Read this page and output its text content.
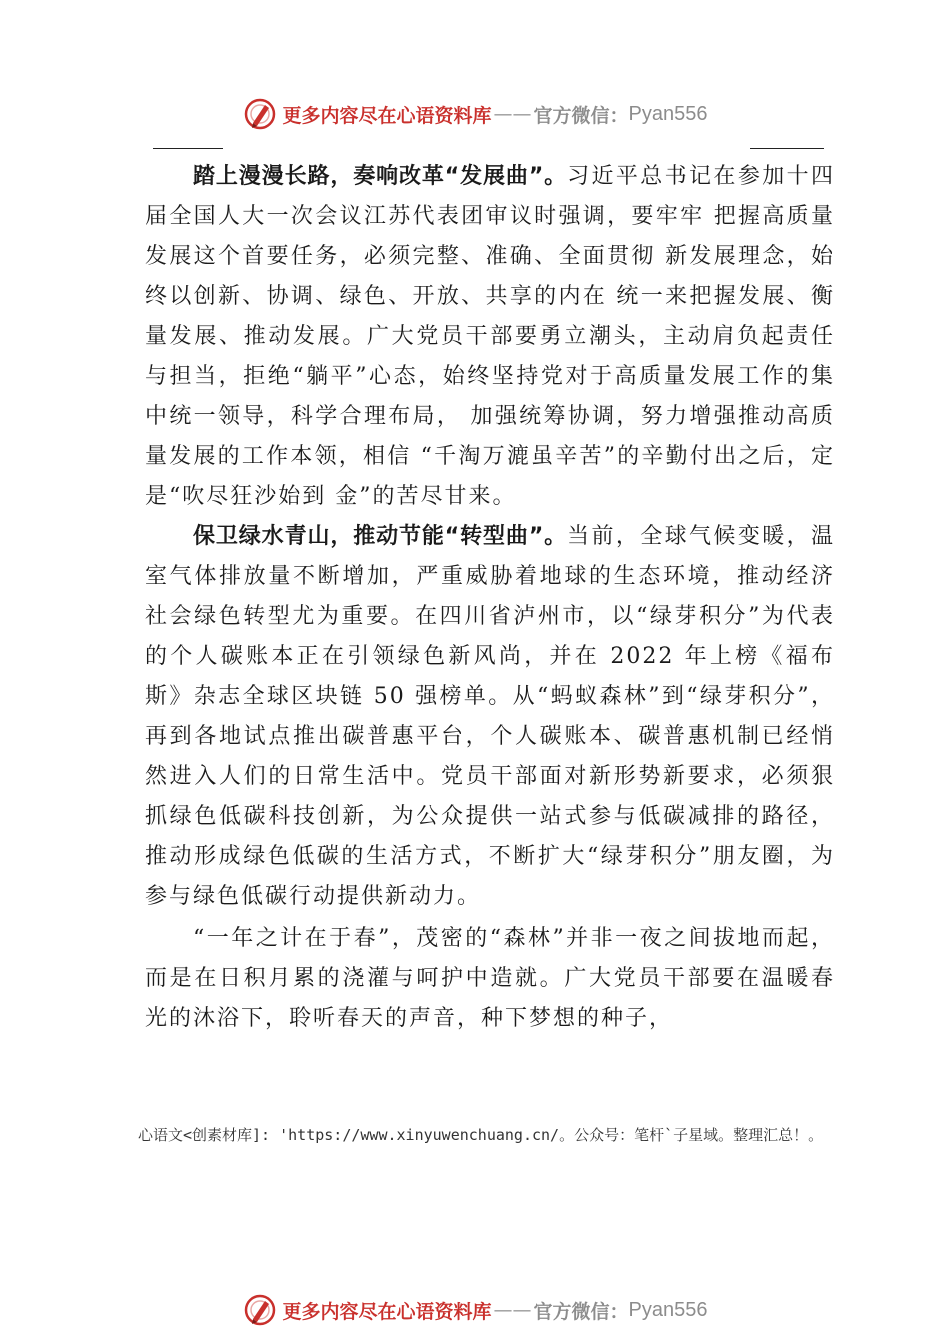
更多内容尽在心语资料库 —— 官方微信： Pyan556

踏上漫漫长路，奏响改革“发展曲”。习近平总书记在参加十四届全国人大一次会议江苏代表团审议时强调，要牢牢 把握高质量发展这个首要任务，必须完整、准确、全面贯彻 新发展理念，始终以创新、协调、绿色、开放、共享的内在 统一来把握发展、衡量发展、推动发展。广大党员干部要勇立潮头，主动肩负起责任与担当，拒绝“躺平”心态，始终坚持党对于高质量发展工作的集中统一领导，科学合理布局， 加强统筹协调，努力增强推动高质量发展的工作本领，相信 “千淘万漉虽辛苦”的辛勤付出之后，定是“吹尽狂沙始到 金”的苦尽甘来。

保卫绿水青山，推动节能“转型曲”。当前，全球气候变暖，温室气体排放量不断增加，严重威胁着地球的生态环境，推动经济社会绿色转型尤为重要。在四川省泸州市，以“绿芽积分”为代表的个人碳账本正在引领绿色新风尚，并在 2022 年上榜《福布斯》杂志全球区块链 50 强榜单。从“蚂蚁森林”到“绿芽积分”，再到各地试点推出碳普惠平台，个人碳账本、碳普惠机制已经悄然进入人们的日常生活中。党员干部面对新形势新要求，必须狠抓绿色低碳科技创新，为公众提供一站式参与低碳减排的路径，推动形成绿色低碳的生活方式，不断扩大“绿芽积分”朋友圈，为参与绿色低碳行动提供新动力。

“一年之计在于春”，茂密的“森林”并非一夜之间拔地而起，而是在日积月累的浇灌与呵护中造就。广大党员干部要在温暖春光的沐浴下，聆听春天的声音，种下梦想的种子，

心语文<创素材库]: 'https://www.xinyuwenchuang.cn/。公众号：笔杆`子星域。整理汇总！。
更多内容尽在心语资料库 —— 官方微信： Pyan556
